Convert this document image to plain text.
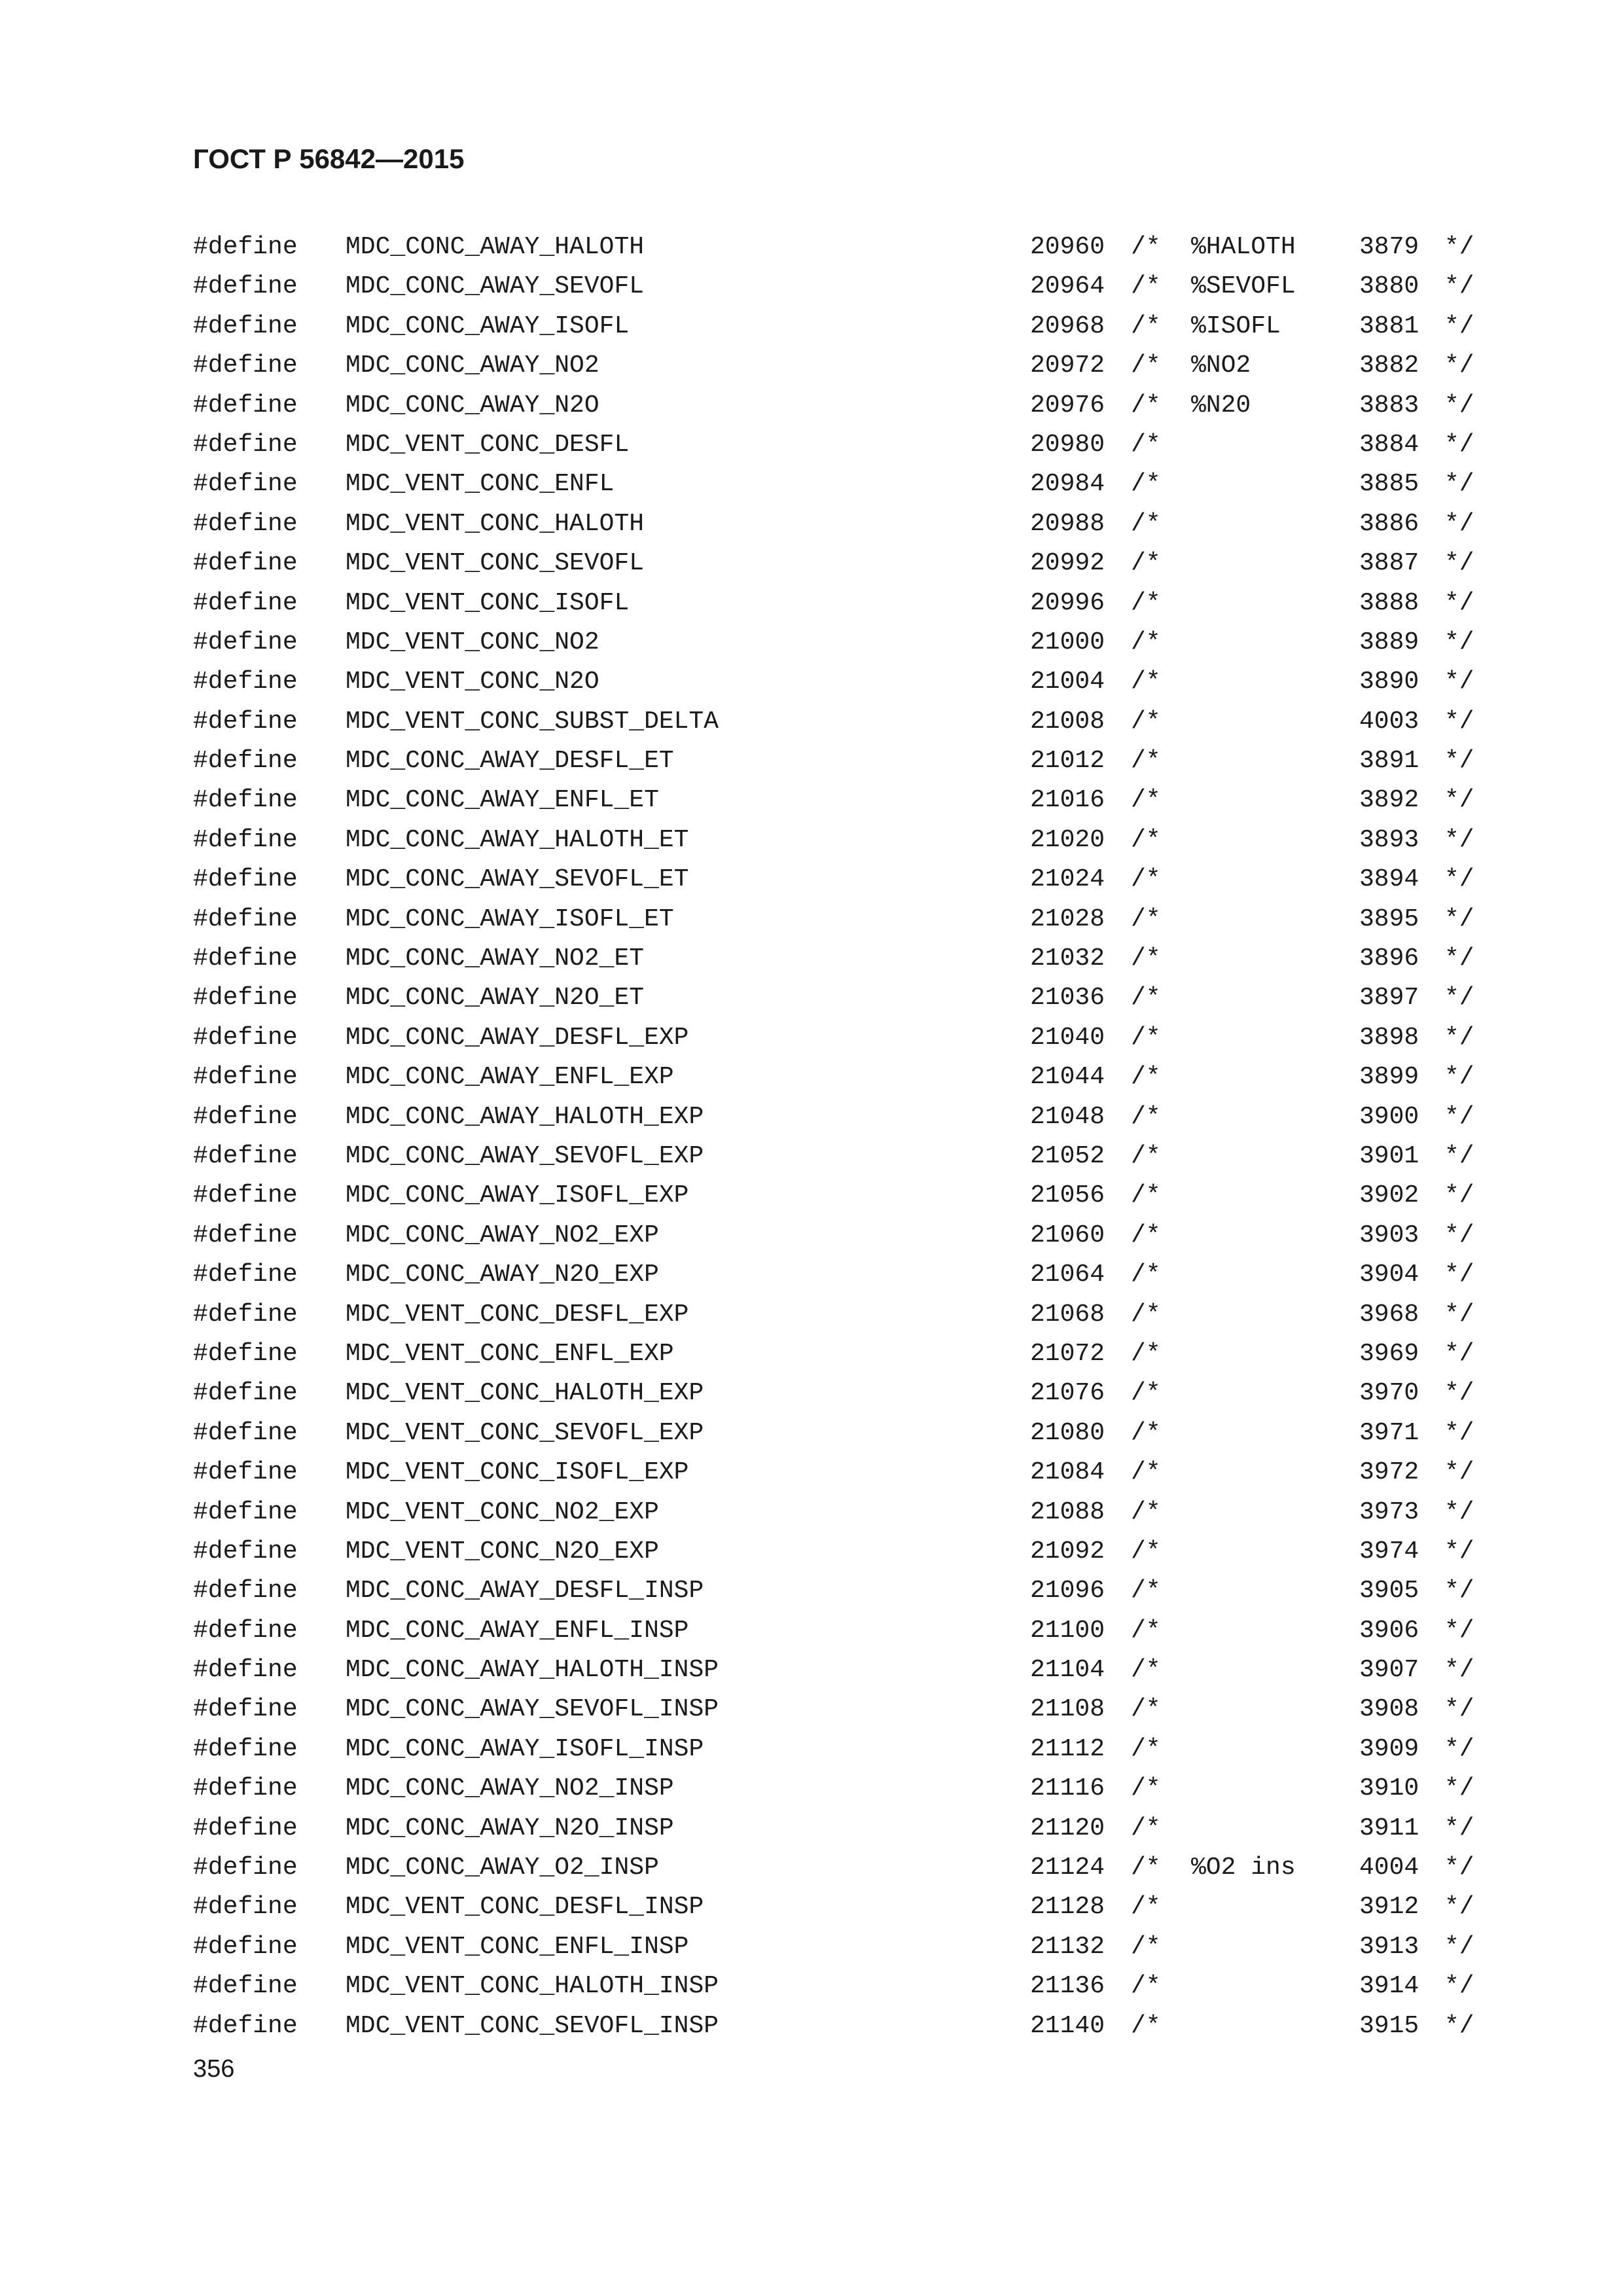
ГОСТ Р 56842—2015
#define MDC_CONC_AWAY_HALOTH	20960 /* %HALOTH	3879 */
#define MDC_CONC_AWAY_SEVOFL	20964 /* %SEVOFL	3880 */
#define MDC_CONC_AWAY_ISOFL	20968 /* %ISOFL	3881 */
#define MDC_CONC_AWAY_NO2	20972 /* %NO2	3882 */
#define MDC_CONC_AWAY_N2O	20976 /* %N20	3883 */
#define MDC_VENT_CONC_DESFL	20980 /*	3884 */
#define MDC_VENT_CONC_ENFL	20984 /*	3885 */
#define MDC_VENT_CONC_HALOTH	20988 /*	3886 */
#define MDC_VENT_CONC_SEVOFL	20992 /*	3887 */
#define MDC_VENT_CONC_ISOFL	20996 /*	3888 */
#define MDC_VENT_CONC_NO2	21000 /*	3889 */
#define MDC_VENT_CONC_N2O	21004 /*	3890 */
#define MDC_VENT_CONC_SUBST_DELTA	21008 /*	4003 */
#define MDC_CONC_AWAY_DESFL_ET	21012 /*	3891 */
#define MDC_CONC_AWAY_ENFL_ET	21016 /*	3892 */
#define MDC_CONC_AWAY_HALOTH_ET	21020 /*	3893 */
#define MDC_CONC_AWAY_SEVOFL_ET	21024 /*	3894 */
#define MDC_CONC_AWAY_ISOFL_ET	21028 /*	3895 */
#define MDC_CONC_AWAY_NO2_ET	21032 /*	3896 */
#define MDC_CONC_AWAY_N2O_ET	21036 /*	3897 */
#define MDC_CONC_AWAY_DESFL_EXP	21040 /*	3898 */
#define MDC_CONC_AWAY_ENFL_EXP	21044 /*	3899 */
#define MDC_CONC_AWAY_HALOTH_EXP	21048 /*	3900 */
#define MDC_CONC_AWAY_SEVOFL_EXP	21052 /*	3901 */
#define MDC_CONC_AWAY_ISOFL_EXP	21056 /*	3902 */
#define MDC_CONC_AWAY_NO2_EXP	21060 /*	3903 */
#define MDC_CONC_AWAY_N2O_EXP	21064 /*	3904 */
#define MDC_VENT_CONC_DESFL_EXP	21068 /*	3968 */
#define MDC_VENT_CONC_ENFL_EXP	21072 /*	3969 */
#define MDC_VENT_CONC_HALOTH_EXP	21076 /*	3970 */
#define MDC_VENT_CONC_SEVOFL_EXP	21080 /*	3971 */
#define MDC_VENT_CONC_ISOFL_EXP	21084 /*	3972 */
#define MDC_VENT_CONC_NO2_EXP	21088 /*	3973 */
#define MDC_VENT_CONC_N2O_EXP	21092 /*	3974 */
#define MDC_CONC_AWAY_DESFL_INSP	21096 /*	3905 */
#define MDC_CONC_AWAY_ENFL_INSP	21100 /*	3906 */
#define MDC_CONC_AWAY_HALOTH_INSP	21104 /*	3907 */
#define MDC_CONC_AWAY_SEVOFL_INSP	21108 /*	3908 */
#define MDC_CONC_AWAY_ISOFL_INSP	21112 /*	3909 */
#define MDC_CONC_AWAY_NO2_INSP	21116 /*	3910 */
#define MDC_CONC_AWAY_N2O_INSP	21120 /*	3911 */
#define MDC_CONC_AWAY_O2_INSP	21124 /* %O2 ins	4004 */
#define MDC_VENT_CONC_DESFL_INSP	21128 /*	3912 */
#define MDC_VENT_CONC_ENFL_INSP	21132 /*	3913 */
#define MDC_VENT_CONC_HALOTH_INSP	21136 /*	3914 */
#define MDC_VENT_CONC_SEVOFL_INSP	21140 /*	3915 */
356
